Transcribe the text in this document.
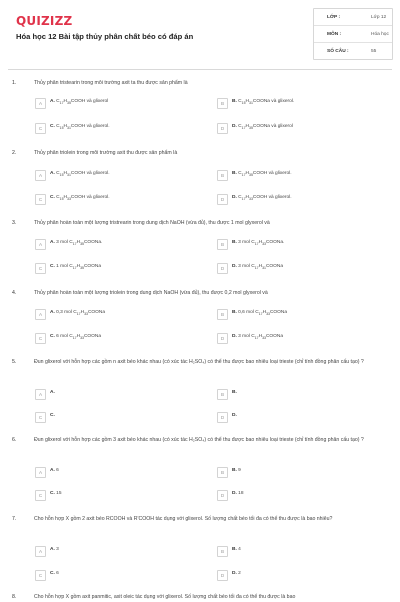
QUIZIZZ
Hóa học 12 Bài tập thủy phân chất béo có đáp án
LỚP :	Lớp 12
MÔN :	Hóa học
SỐ CÂU :	55
1.	Thủy phân tristearin trong môi trường axit ta thu được sản phẩm là
A	A. $C_{17}H_{35}COOH$ và glixerol	B	B. $C_{15}H_{31}COONa$ và glixerol.
C	C. $C_{15}H_{31}COOH$ và glixerol.	D	D. $C_{17}H_{35}COONa$ và glixerol
2.	Thủy phân triolein trong môi trường axit thu được sản phẩm là
A	A. $C_{15}H_{31}COOH$ và glixerol.	B	B. $C_{17}H_{35}COOH$ và glixerol.
C	C. $C_{15}H_{33}COOH$ và glixerol.	D	D. $C_{17}H_{33}COOH$ và glixerol.
3.	Thủy phân hoàn toàn một lượng tristrearin trong dung dịch NaOH (vừa đủ), thu được 1 mol glyxerol và
A	A. 3 mol $C_{17}H_{35}COONa$.	B	B. 3 mol $C_{17}H_{33}COONa$.
C	C. 1 mol $C_{17}H_{35}COONa$	D	D. 3 mol $C_{17}H_{31}COONa$
4.	Thủy phân hoàn toàn một lượng triolein trong dung dịch NaOH (vừa đủ), thu được 0,2 mol glyxerol và
A	A. 0,3 mol $C_{17}H_{33}COONa$	B	B. 0,6 mol $C_{17}H_{33}COONa$
C	C. 6 mol $C_{17}H_{33}COONa$	D	D. 3 mol $C_{17}H_{33}COONa$
5.	Đun glixerol với hỗn hợp các gồm n axit béo khác nhau (có xúc tác H₂SO₄) có thể thu được bao nhiêu loại trieste (chỉ tính đồng phân cấu tạo) ?
A	A.	B	B.
C	C.	D	D.
6.	Đun glixerol với hỗn hợp các gồm 3 axit béo khác nhau (có xúc tác H₂SO₄) có thể thu được bao nhiêu loại trieste (chỉ tính đồng phân cấu tạo) ?
A	A. 6	B	B. 9
C	C. 15	D	D. 18
7.	Cho hỗn hợp X gồm 2 axit béo RCOOH và R'COOH tác dụng với glixerol. Số lượng chất béo tối đa có thể thu được là bao nhiêu?
A	A. 3	B	B. 4
C	C. 6	D	D. 2
8.	Cho hỗn hợp X gồm axit panmitic, axit oleic tác dụng với glixerol. Số lượng chất béo tối đa có thể thu được là bao
